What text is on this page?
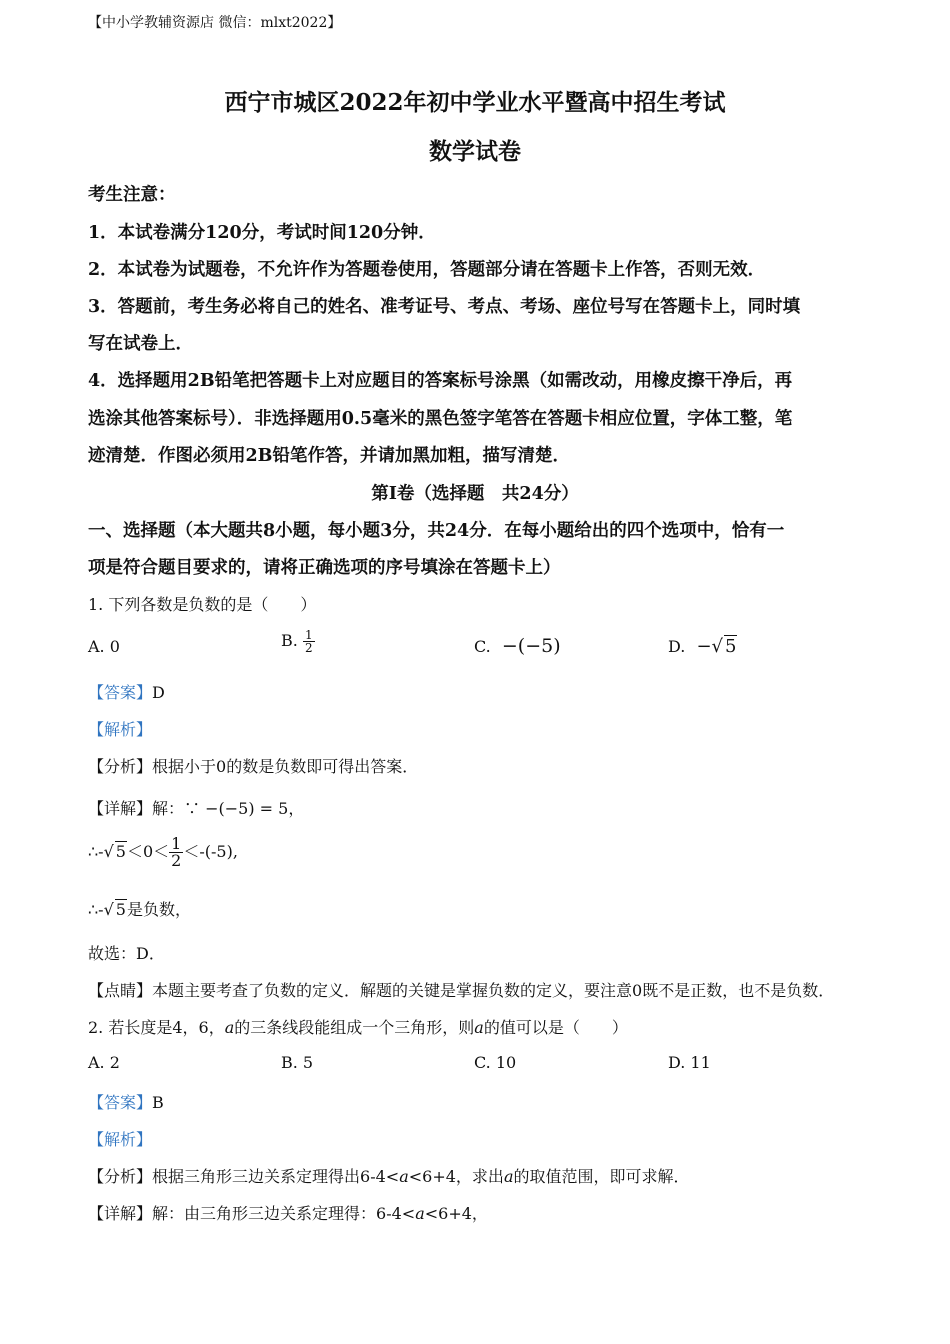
【中小学教辅资源店 微信：mlxt2022】
西宁市城区2022年初中学业水平暨高中招生考试
数学试卷
考生注意：
1．本试卷满分120分，考试时间120分钟．
2．本试卷为试题卷，不允许作为答题卷使用，答题部分请在答题卡上作答，否则无效．
3．答题前，考生务必将自己的姓名、准考证号、考点、考场、座位号写在答题卡上，同时填
写在试卷上．
4．选择题用2B铅笔把答题卡上对应题目的答案标号涂黑（如需改动，用橡皮擦干净后，再
选涂其他答案标号）．非选择题用0.5毫米的黑色签字笔答在答题卡相应位置，字体工整，笔
迹清楚．作图必须用2B铅笔作答，并请加黑加粗，描写清楚．
第Ⅰ卷（选择题　共24分）
一、选择题（本大题共8小题，每小题3分，共24分．在每小题给出的四个选项中，恰有一
项是符合题目要求的，请将正确选项的序号填涂在答题卡上）
1. 下列各数是负数的是（　　）
A. 0	B. $\frac{1}{2}$	C. −(−5)	D. −√ 5
【答案】D
【解析】
【分析】根据小于0的数是负数即可得出答案．
【详解】解：∵ −(−5) = 5，
∴-√ $5<0< \frac{1}{2} <-(-5)$,
∴-√ 5是负数，
故选：D．
【点睛】本题主要考查了负数的定义．解题的关键是掌握负数的定义，要注意0既不是正数，也不是负数．
2. 若长度是4，6，a的三条线段能组成一个三角形，则a的值可以是（　　）
A. 2	B. 5	C. 10	D. 11
【答案】B
【解析】
【分析】根据三角形三边关系定理得出6-4<a<6+4，求出a的取值范围，即可求解．
【详解】解：由三角形三边关系定理得：6-4<a<6+4，
